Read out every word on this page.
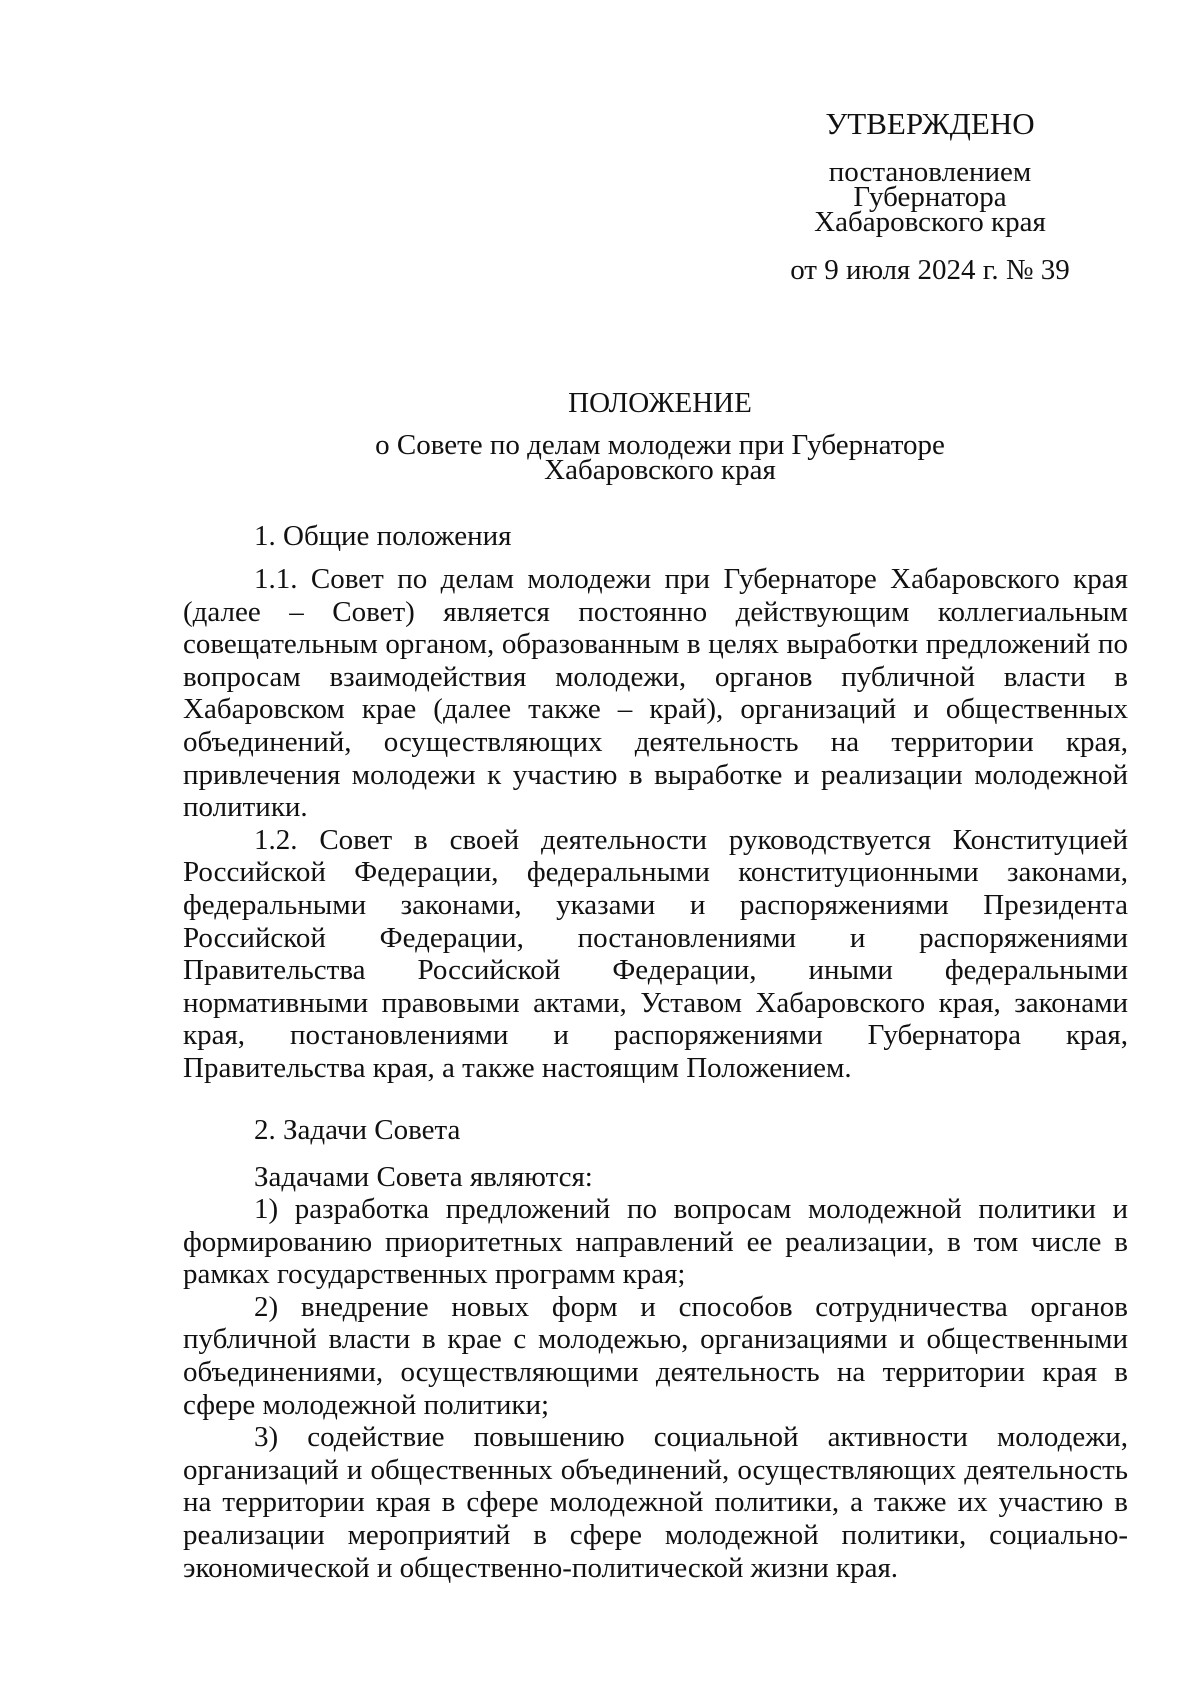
УТВЕРЖДЕНО
постановлением
Губернатора
Хабаровского края
от 9 июля 2024 г. № 39
ПОЛОЖЕНИЕ
о Совете по делам молодежи при Губернаторе
Хабаровского края
1. Общие положения

1.1. Совет по делам молодежи при Губернаторе Хабаровского края (далее – Совет) является постоянно действующим коллегиальным совещательным органом, образованным в целях выработки предложений по вопросам взаимодействия молодежи, органов публичной власти в Хабаровском крае (далее также – край), организаций и общественных объединений, осуществляющих деятельность на территории края, привлечения молодежи к участию в выработке и реализации молодежной политики.

1.2. Совет в своей деятельности руководствуется Конституцией Российской Федерации, федеральными конституционными законами, федеральными законами, указами и распоряжениями Президента Российской Федерации, постановлениями и распоряжениями Правительства Российской Федерации, иными федеральными нормативными правовыми актами, Уставом Хабаровского края, законами края, постановлениями и распоряжениями Губернатора края, Правительства края, а также настоящим Положением.

2. Задачи Совета
Задачами Совета являются:

1) разработка предложений по вопросам молодежной политики и формированию приоритетных направлений ее реализации, в том числе в рамках государственных программ края;

2) внедрение новых форм и способов сотрудничества органов публичной власти в крае с молодежью, организациями и общественными объединениями, осуществляющими деятельность на территории края в сфере молодежной политики;

3) содействие повышению социальной активности молодежи, организаций и общественных объединений, осуществляющих деятельность на территории края в сфере молодежной политики, а также их участию в реализации мероприятий в сфере молодежной политики, социально-экономической и общественно-политической жизни края.
